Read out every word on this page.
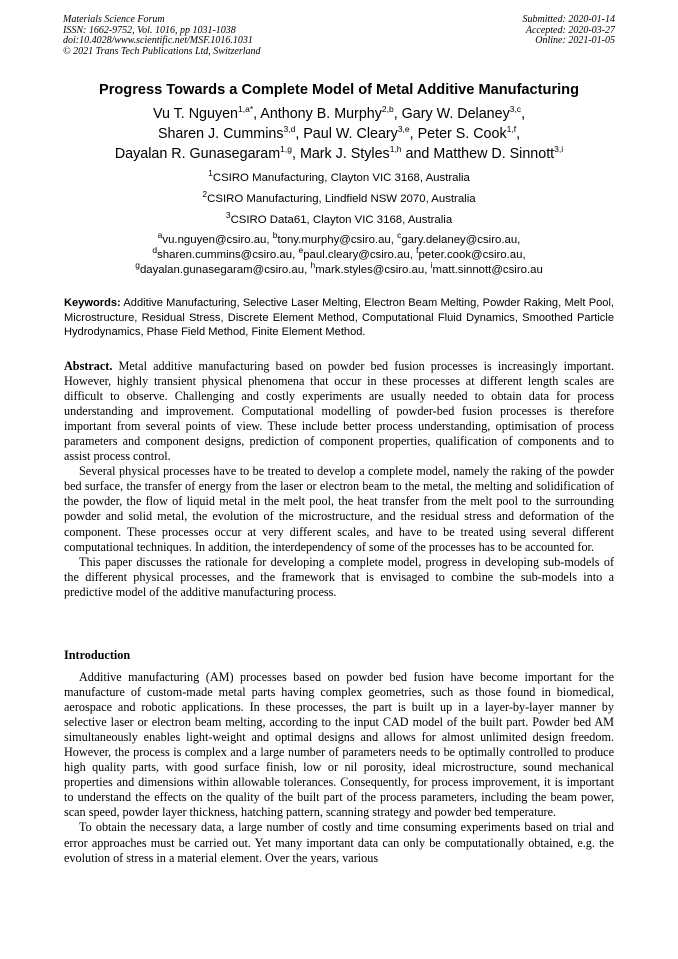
Materials Science Forum
ISSN: 1662-9752, Vol. 1016, pp 1031-1038
doi:10.4028/www.scientific.net/MSF.1016.1031
© 2021 Trans Tech Publications Ltd, Switzerland
Submitted: 2020-01-14
Accepted: 2020-03-27
Online: 2021-01-05
Progress Towards a Complete Model of Metal Additive Manufacturing
Vu T. Nguyen$^{1,a*}$, Anthony B. Murphy$^{2,b}$, Gary W. Delaney$^{3,c}$,
Sharen J. Cummins$^{3,d}$, Paul W. Cleary$^{3,e}$, Peter S. Cook$^{1,f}$,
Dayalan R. Gunasegaram$^{1,g}$, Mark J. Styles$^{1,h}$ and Matthew D. Sinnott$^{3,i}$
$^1$CSIRO Manufacturing, Clayton VIC 3168, Australia
$^2$CSIRO Manufacturing, Lindfield NSW 2070, Australia
$^3$CSIRO Data61, Clayton VIC 3168, Australia
$^a$vu.nguyen@csiro.au, $^b$tony.murphy@csiro.au, $^c$gary.delaney@csiro.au,
$^d$sharen.cummins@csiro.au, $^e$paul.cleary@csiro.au, $^f$peter.cook@csiro.au,
$^g$dayalan.gunasegaram@csiro.au, $^h$mark.styles@csiro.au, $^i$matt.sinnott@csiro.au
Keywords: Additive Manufacturing, Selective Laser Melting, Electron Beam Melting, Powder Raking, Melt Pool, Microstructure, Residual Stress, Discrete Element Method, Computational Fluid Dynamics, Smoothed Particle Hydrodynamics, Phase Field Method, Finite Element Method.

Abstract. Metal additive manufacturing based on powder bed fusion processes is increasingly important. However, highly transient physical phenomena that occur in these processes at different length scales are difficult to observe. Challenging and costly experiments are usually needed to obtain data for process understanding and improvement. Computational modelling of powder-bed fusion processes is therefore important from several points of view. These include better process understanding, optimisation of process parameters and component designs, prediction of component properties, qualification of components and to assist process control.

Several physical processes have to be treated to develop a complete model, namely the raking of the powder bed surface, the transfer of energy from the laser or electron beam to the metal, the melting and solidification of the powder, the flow of liquid metal in the melt pool, the heat transfer from the melt pool to the surrounding powder and solid metal, the evolution of the microstructure, and the residual stress and deformation of the component. These processes occur at very different scales, and have to be treated using several different computational techniques. In addition, the interdependency of some of the processes has to be accounted for.

This paper discusses the rationale for developing a complete model, progress in developing sub-models of the different physical processes, and the framework that is envisaged to combine the sub-models into a predictive model of the additive manufacturing process.

Introduction

Additive manufacturing (AM) processes based on powder bed fusion have become important for the manufacture of custom-made metal parts having complex geometries, such as those found in biomedical, aerospace and robotic applications. In these processes, the part is built up in a layer-by-layer manner by selective laser or electron beam melting, according to the input CAD model of the built part. Powder bed AM simultaneously enables light-weight and optimal designs and allows for almost unlimited design freedom. However, the process is complex and a large number of parameters needs to be optimally controlled to produce high quality parts, with good surface finish, low or nil porosity, ideal microstructure, sound mechanical properties and dimensions within allowable tolerances. Consequently, for process improvement, it is important to understand the effects on the quality of the built part of the process parameters, including the beam power, scan speed, powder layer thickness, hatching pattern, scanning strategy and powder bed temperature.

To obtain the necessary data, a large number of costly and time consuming experiments based on trial and error approaches must be carried out. Yet many important data can only be computationally obtained, e.g. the evolution of stress in a material element. Over the years, various
